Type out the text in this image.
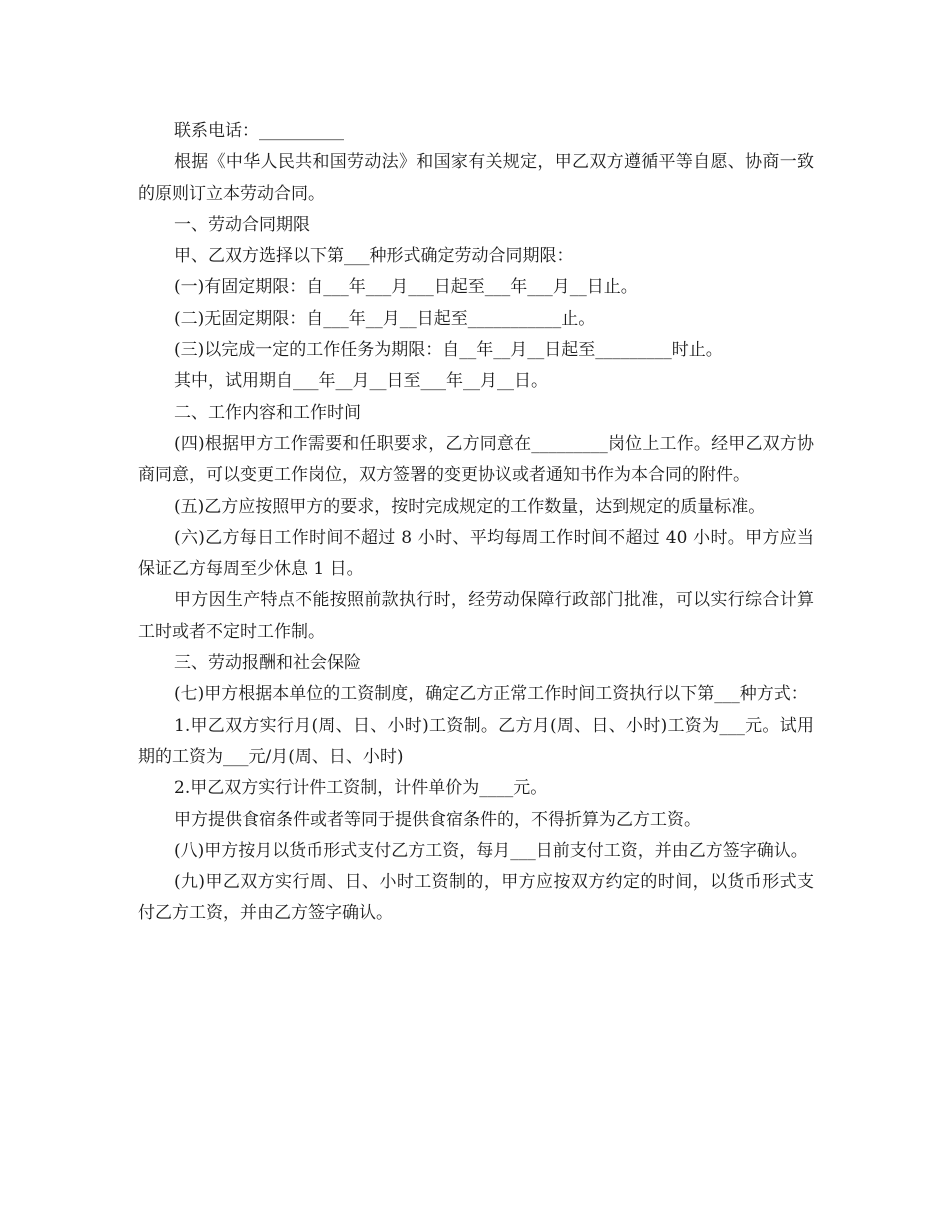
联系电话：__________

根据《中华人民共和国劳动法》和国家有关规定，甲乙双方遵循平等自愿、协商一致的原则订立本劳动合同。

一、劳动合同期限

甲、乙双方选择以下第___种形式确定劳动合同期限：

(一)有固定期限：自___年___月___日起至___年___月__日止。

(二)无固定期限：自___年__月__日起至___________止。

(三)以完成一定的工作任务为期限：自__年__月__日起至_________时止。

其中，试用期自___年__月__日至___年__月__日。

二、工作内容和工作时间

(四)根据甲方工作需要和任职要求，乙方同意在_________岗位上工作。经甲乙双方协商同意，可以变更工作岗位，双方签署的变更协议或者通知书作为本合同的附件。

(五)乙方应按照甲方的要求，按时完成规定的工作数量，达到规定的质量标准。

(六)乙方每日工作时间不超过 8 小时、平均每周工作时间不超过 40 小时。甲方应当保证乙方每周至少休息 1 日。

甲方因生产特点不能按照前款执行时，经劳动保障行政部门批准，可以实行综合计算工时或者不定时工作制。

三、劳动报酬和社会保险

(七)甲方根据本单位的工资制度，确定乙方正常工作时间工资执行以下第___种方式：

1.甲乙双方实行月(周、日、小时)工资制。乙方月(周、日、小时)工资为___元。试用期的工资为___元/月(周、日、小时)

2.甲乙双方实行计件工资制，计件单价为____元。

甲方提供食宿条件或者等同于提供食宿条件的，不得折算为乙方工资。

(八)甲方按月以货币形式支付乙方工资，每月___日前支付工资，并由乙方签字确认。

(九)甲乙双方实行周、日、小时工资制的，甲方应按双方约定的时间，以货币形式支付乙方工资，并由乙方签字确认。
